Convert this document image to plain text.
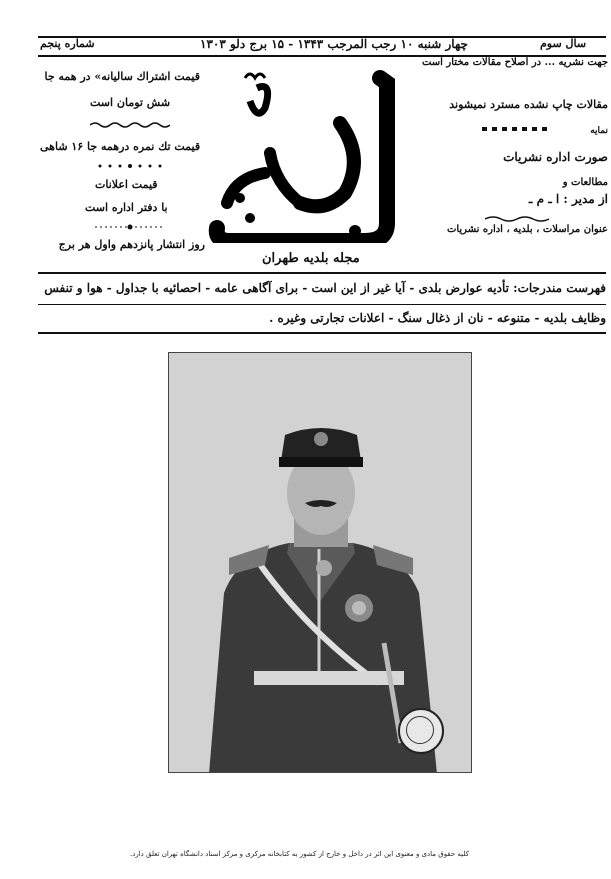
شماره پنجم	چهار شنبه ۱۰ رجب المرجب ۱۳۴۳ - ۱۵ برج دلو ۱۳۰۳	سال سوم
قیمت اشتراك سالیانه» در همه جا
شش تومان است
قیمت تك نمره درهمه جا ۱۶ شاهی
قیمت اعلانات
با دفتر اداره است
روز انتشار پانزدهم واول هر برج
مجله بلدیه طهران
جهت نشریه ... در اصلاح مقالات مختار است
مقالات چاپ نشده مسترد نمیشوند
نمایه
صورت اداره نشریات
مطالعات و
از مدیر : ا ـ م ـ
عنوان مراسلات ، بلدیه ، اداره نشریات
فهرست مندرجات: تأدیه عوارض بلدی - آیا غیر از این است - برای آگاهی عامه - احصائیه با جداول - هوا و تنفس
وظایف بلدیه - متنوعه - نان از ذغال سنگ - اعلانات تجارتی وغیره .
کلیه حقوق مادی و معنوی این اثر در داخل و خارج از کشور به کتابخانه مرکزی و مرکز اسناد دانشگاه تهران تعلق دارد.
